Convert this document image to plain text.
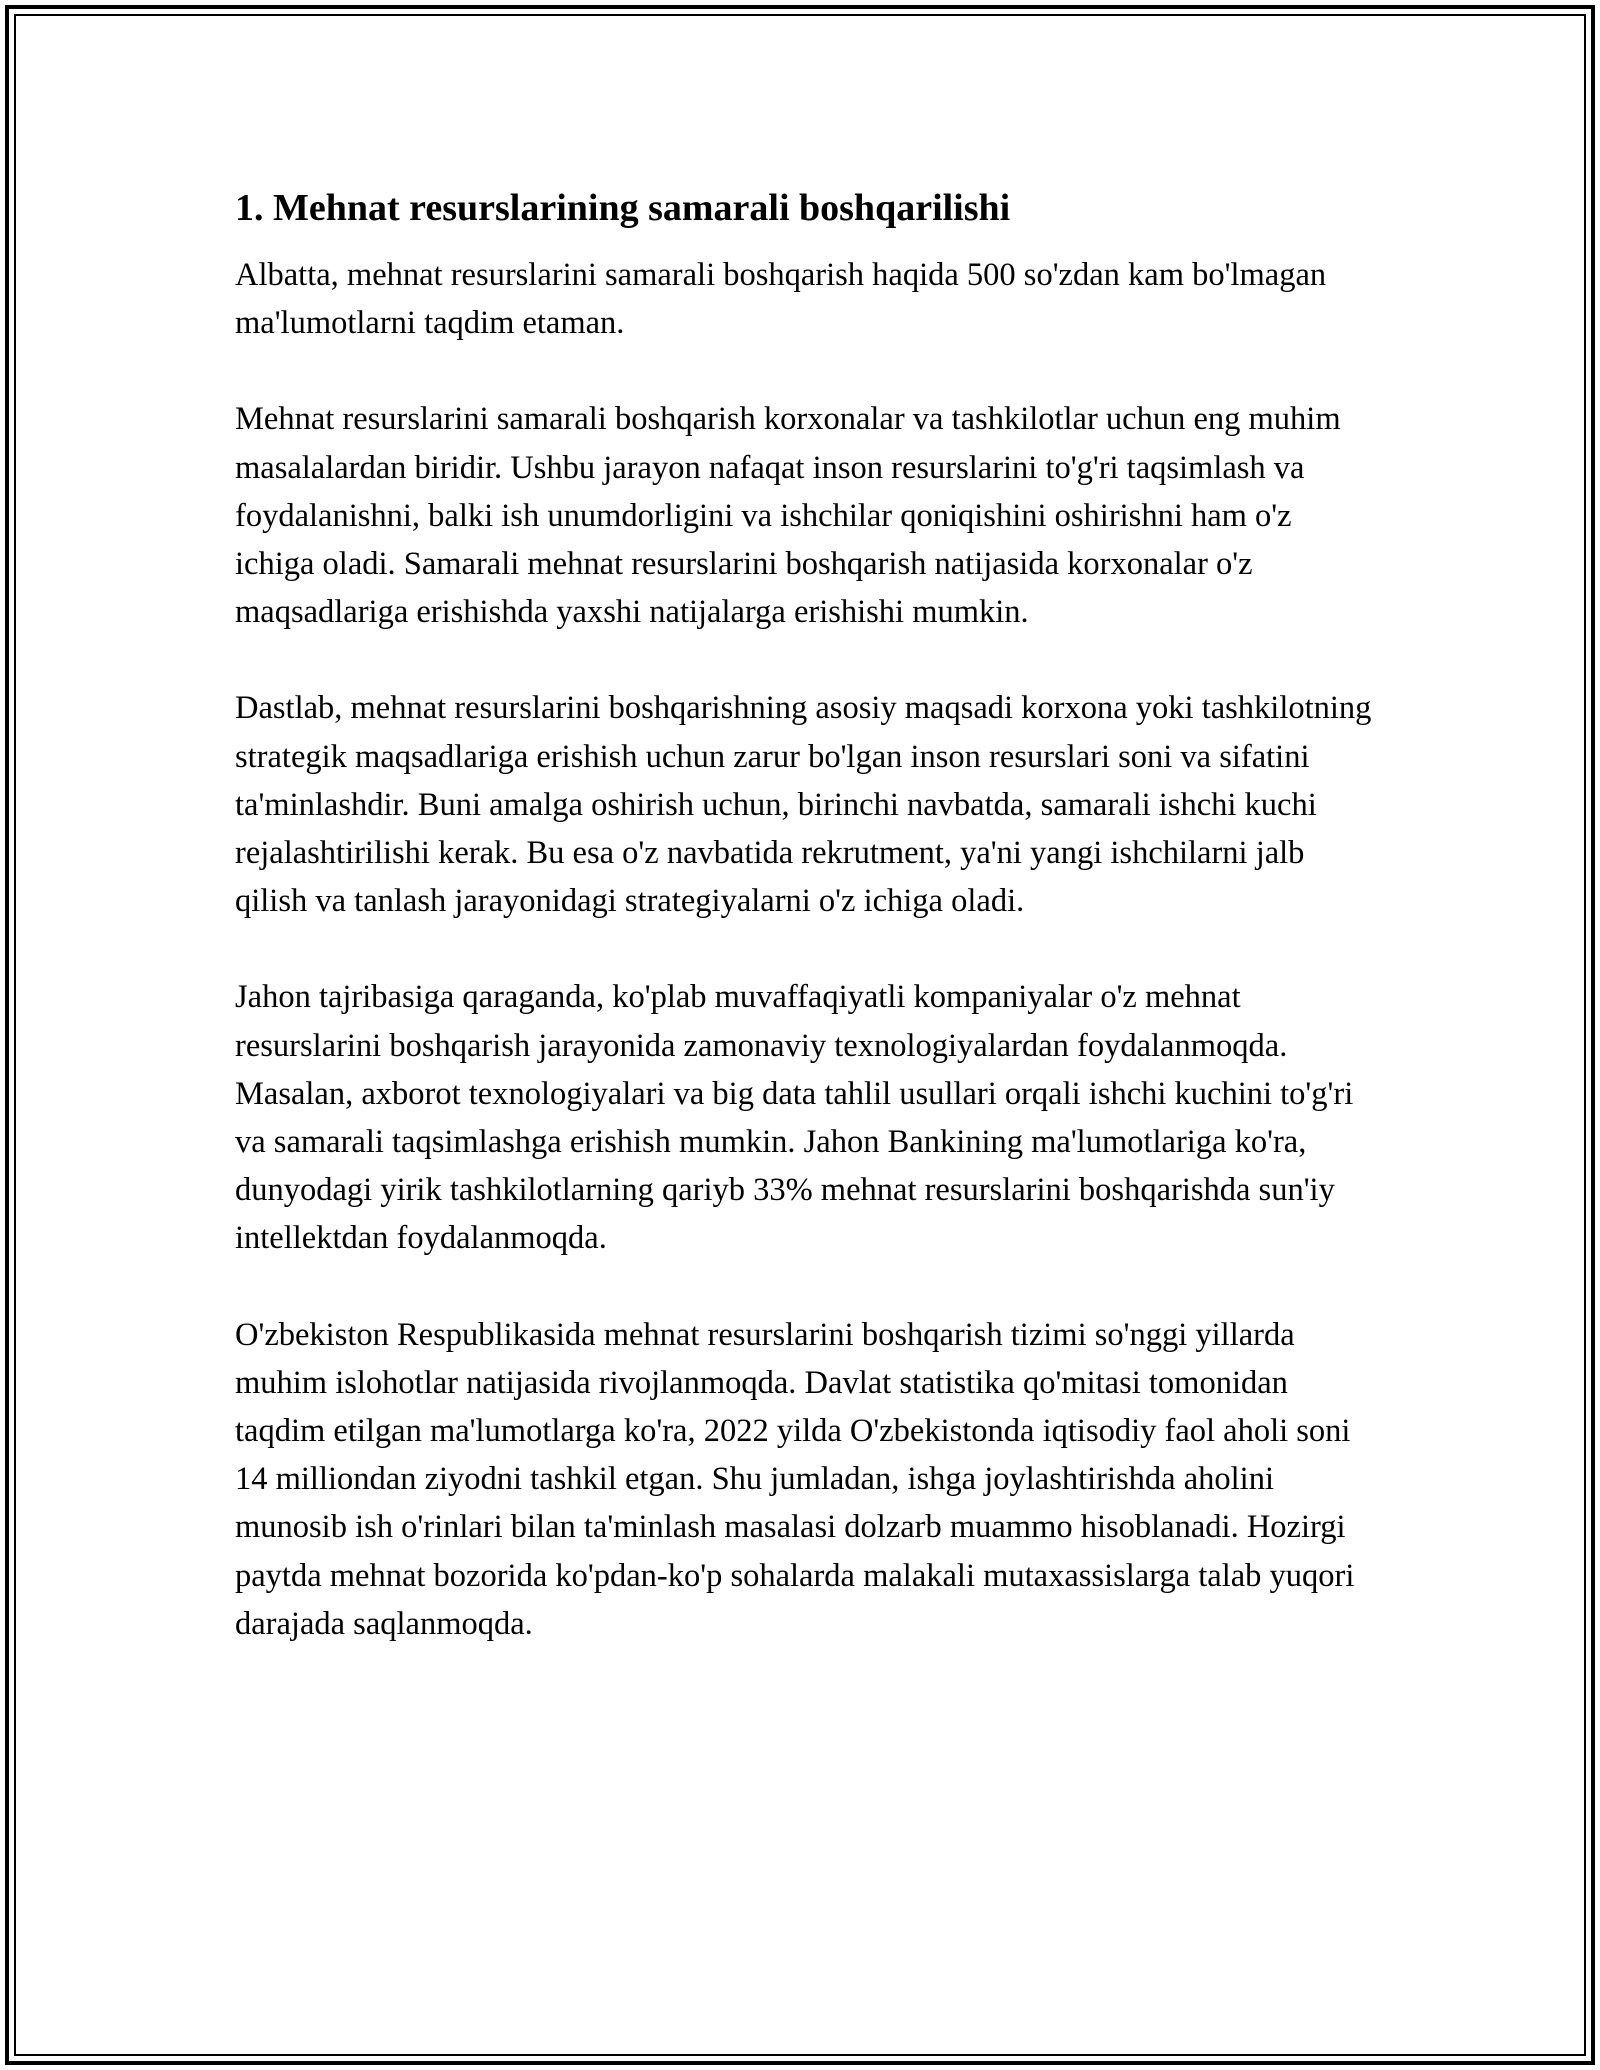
1. Mehnat resurslarining samarali boshqarilishi

Albatta, mehnat resurslarini samarali boshqarish haqida 500 so'zdan kam bo'lmagan ma'lumotlarni taqdim etaman.

Mehnat resurslarini samarali boshqarish korxonalar va tashkilotlar uchun eng muhim masalalardan biridir. Ushbu jarayon nafaqat inson resurslarini to'g'ri taqsimlash va foydalanishni, balki ish unumdorligini va ishchilar qoniqishini oshirishni ham o'z ichiga oladi. Samarali mehnat resurslarini boshqarish natijasida korxonalar o'z maqsadlariga erishishda yaxshi natijalarga erishishi mumkin.

Dastlab, mehnat resurslarini boshqarishning asosiy maqsadi korxona yoki tashkilotning strategik maqsadlariga erishish uchun zarur bo'lgan inson resurslari soni va sifatini ta'minlashdir. Buni amalga oshirish uchun, birinchi navbatda, samarali ishchi kuchi rejalashtirilishi kerak. Bu esa o'z navbatida rekrutment, ya'ni yangi ishchilarni jalb qilish va tanlash jarayonidagi strategiyalarni o'z ichiga oladi.

Jahon tajribasiga qaraganda, ko'plab muvaffaqiyatli kompaniyalar o'z mehnat resurslarini boshqarish jarayonida zamonaviy texnologiyalardan foydalanmoqda. Masalan, axborot texnologiyalari va big data tahlil usullari orqali ishchi kuchini to'g'ri va samarali taqsimlashga erishish mumkin. Jahon Bankining ma'lumotlariga ko'ra, dunyodagi yirik tashkilotlarning qariyb 33% mehnat resurslarini boshqarishda sun'iy intellektdan foydalanmoqda.

O'zbekiston Respublikasida mehnat resurslarini boshqarish tizimi so'nggi yillarda muhim islohotlar natijasida rivojlanmoqda. Davlat statistika qo'mitasi tomonidan taqdim etilgan ma'lumotlarga ko'ra, 2022 yilda O'zbekistonda iqtisodiy faol aholi soni 14 milliondan ziyodni tashkil etgan. Shu jumladan, ishga joylashtirishda aholini munosib ish o'rinlari bilan ta'minlash masalasi dolzarb muammo hisoblanadi. Hozirgi paytda mehnat bozorida ko'pdan-ko'p sohalarda malakali mutaxassislarga talab yuqori darajada saqlanmoqda.
